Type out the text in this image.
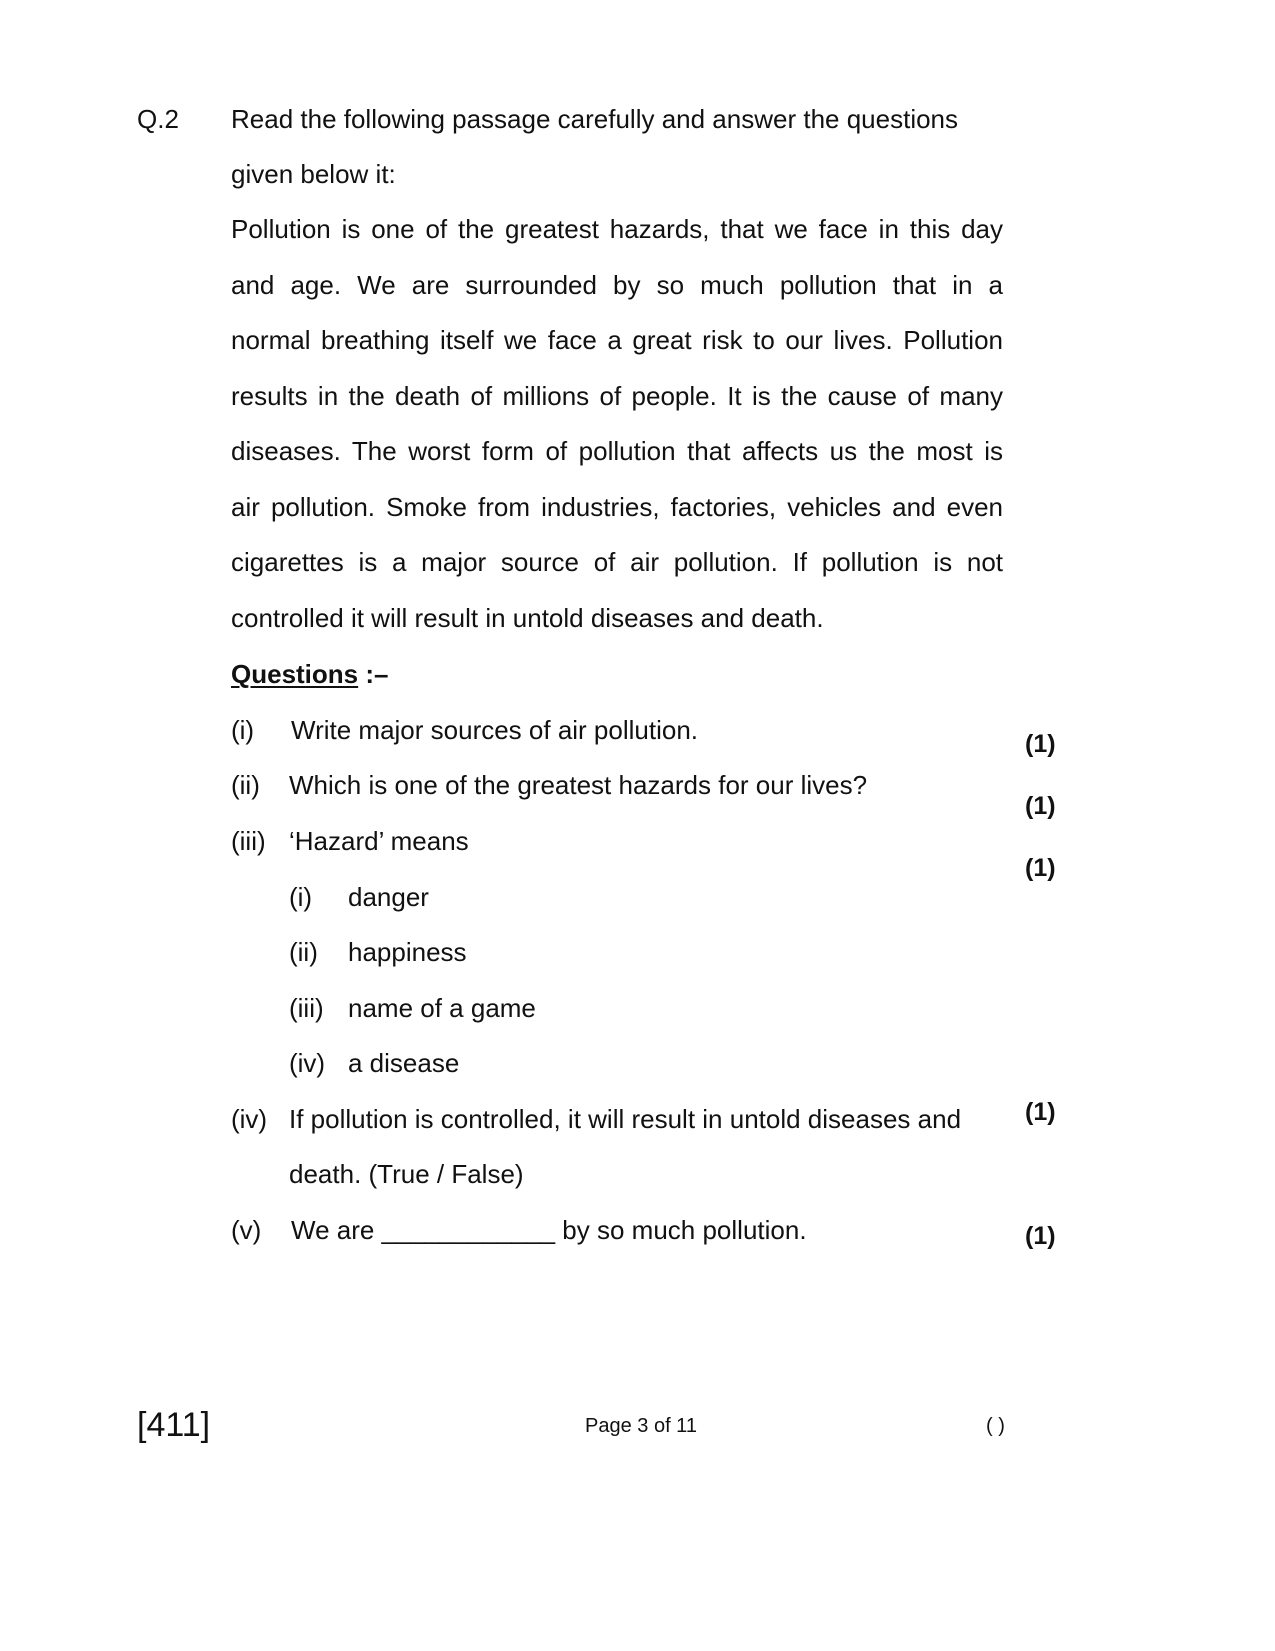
Q.2 Read the following passage carefully and answer the questions
given below it:
Pollution is one of the greatest hazards, that we face in this day
and age. We are surrounded by so much pollution that in a
normal breathing itself we face a great risk to our lives. Pollution
results in the death of millions of people. It is the cause of many
diseases. The worst form of pollution that affects us the most is
air pollution. Smoke from industries, factories, vehicles and even
cigarettes is a major source of air pollution. If pollution is not
controlled it will result in untold diseases and death.
Questions :–
(i) Write major sources of air pollution.	(1)
(ii) Which is one of the greatest hazards for our lives?
(1)
(iii) ‘Hazard’ means
(1)
(i) danger
(ii) happiness
(iii) name of a game
(iv) a disease
(iv) If pollution is controlled, it will result in untold diseases and	(1)
death. (True / False)
(v) We are ____________ by so much pollution.	(1)
[411]	Page 3 of 11	( )
